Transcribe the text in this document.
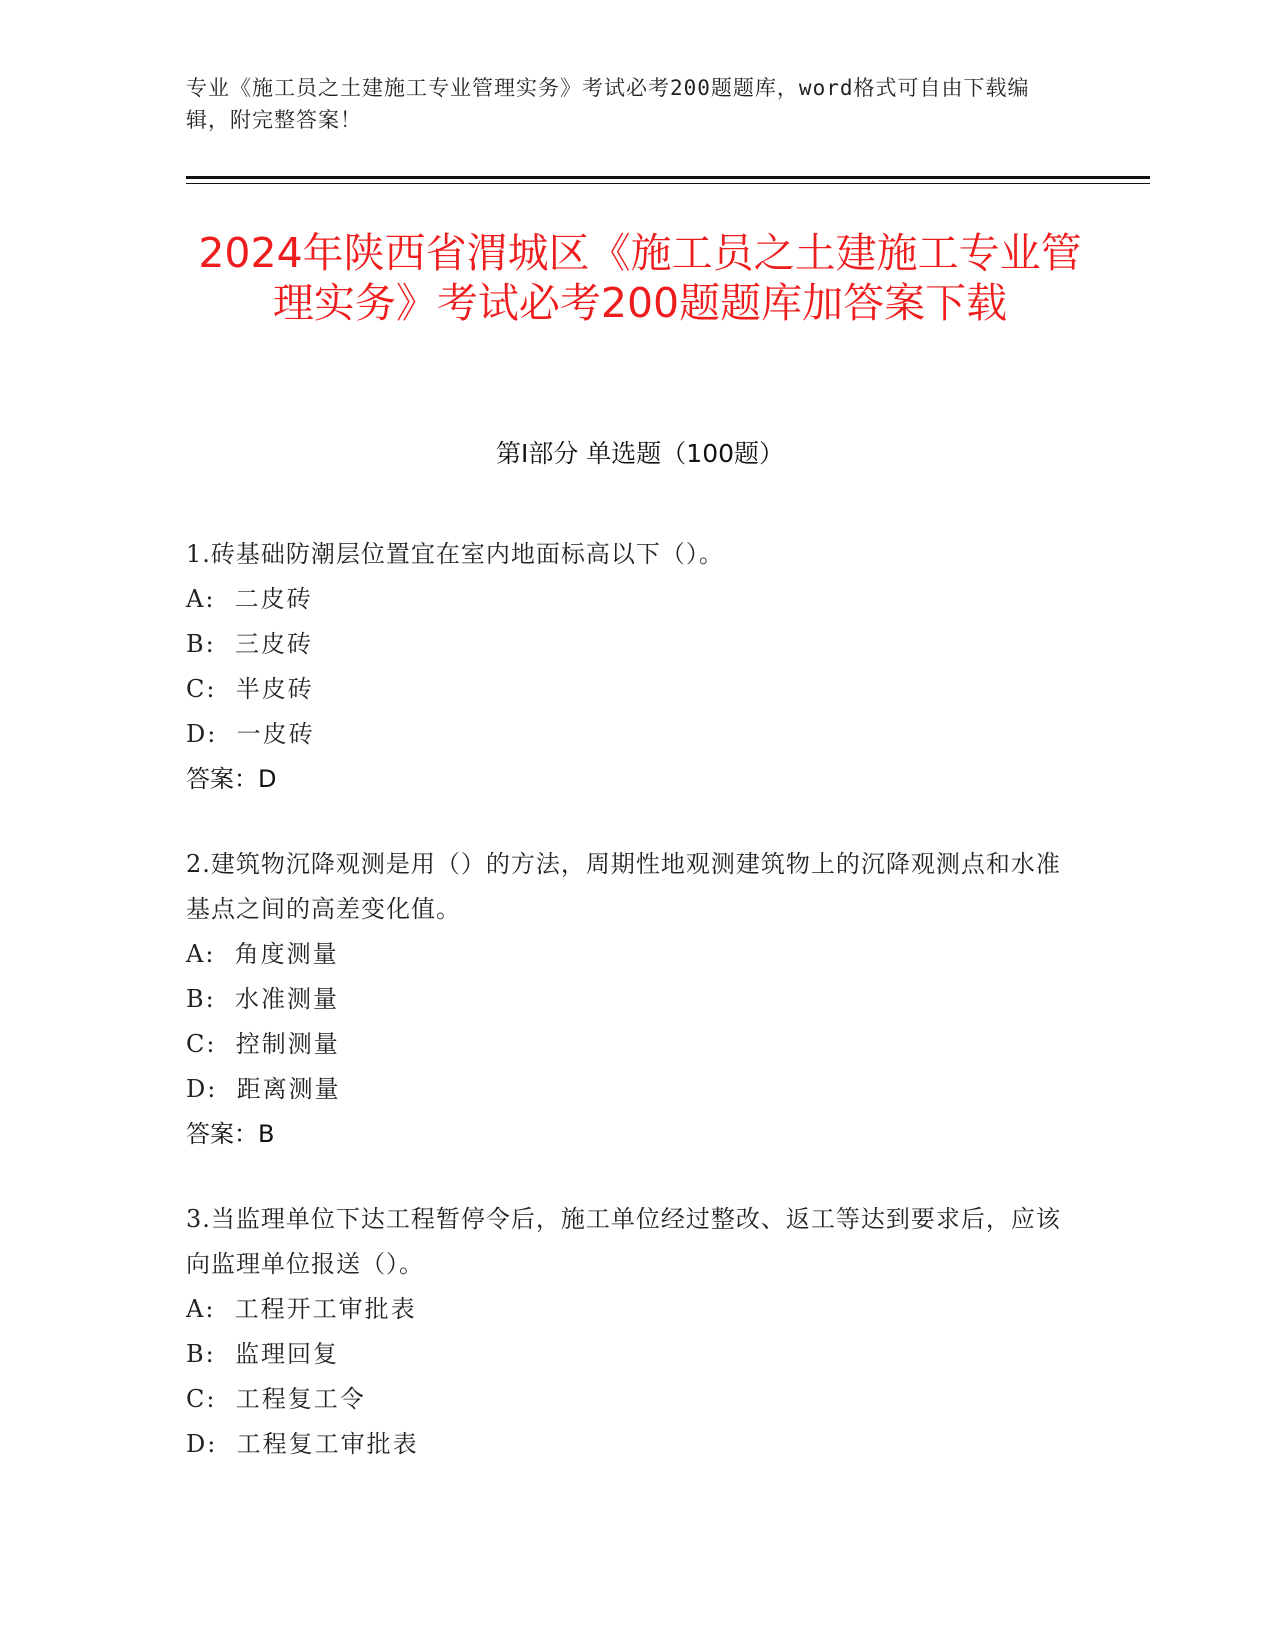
专业《施工员之土建施工专业管理实务》考试必考200题题库，word格式可自由下载编辑，附完整答案！
2024年陕西省渭城区《施工员之土建施工专业管理实务》考试必考200题题库加答案下载
第I部分 单选题（100题）
1.砖基础防潮层位置宜在室内地面标高以下（）。
A:  二皮砖
B:  三皮砖
C:  半皮砖
D:  一皮砖
答案：D
2.建筑物沉降观测是用（）的方法，周期性地观测建筑物上的沉降观测点和水准基点之间的高差变化值。
A:  角度测量
B:  水准测量
C:  控制测量
D:  距离测量
答案：B
3.当监理单位下达工程暂停令后，施工单位经过整改、返工等达到要求后，应该向监理单位报送（）。
A:  工程开工审批表
B:  监理回复
C:  工程复工令
D:  工程复工审批表
